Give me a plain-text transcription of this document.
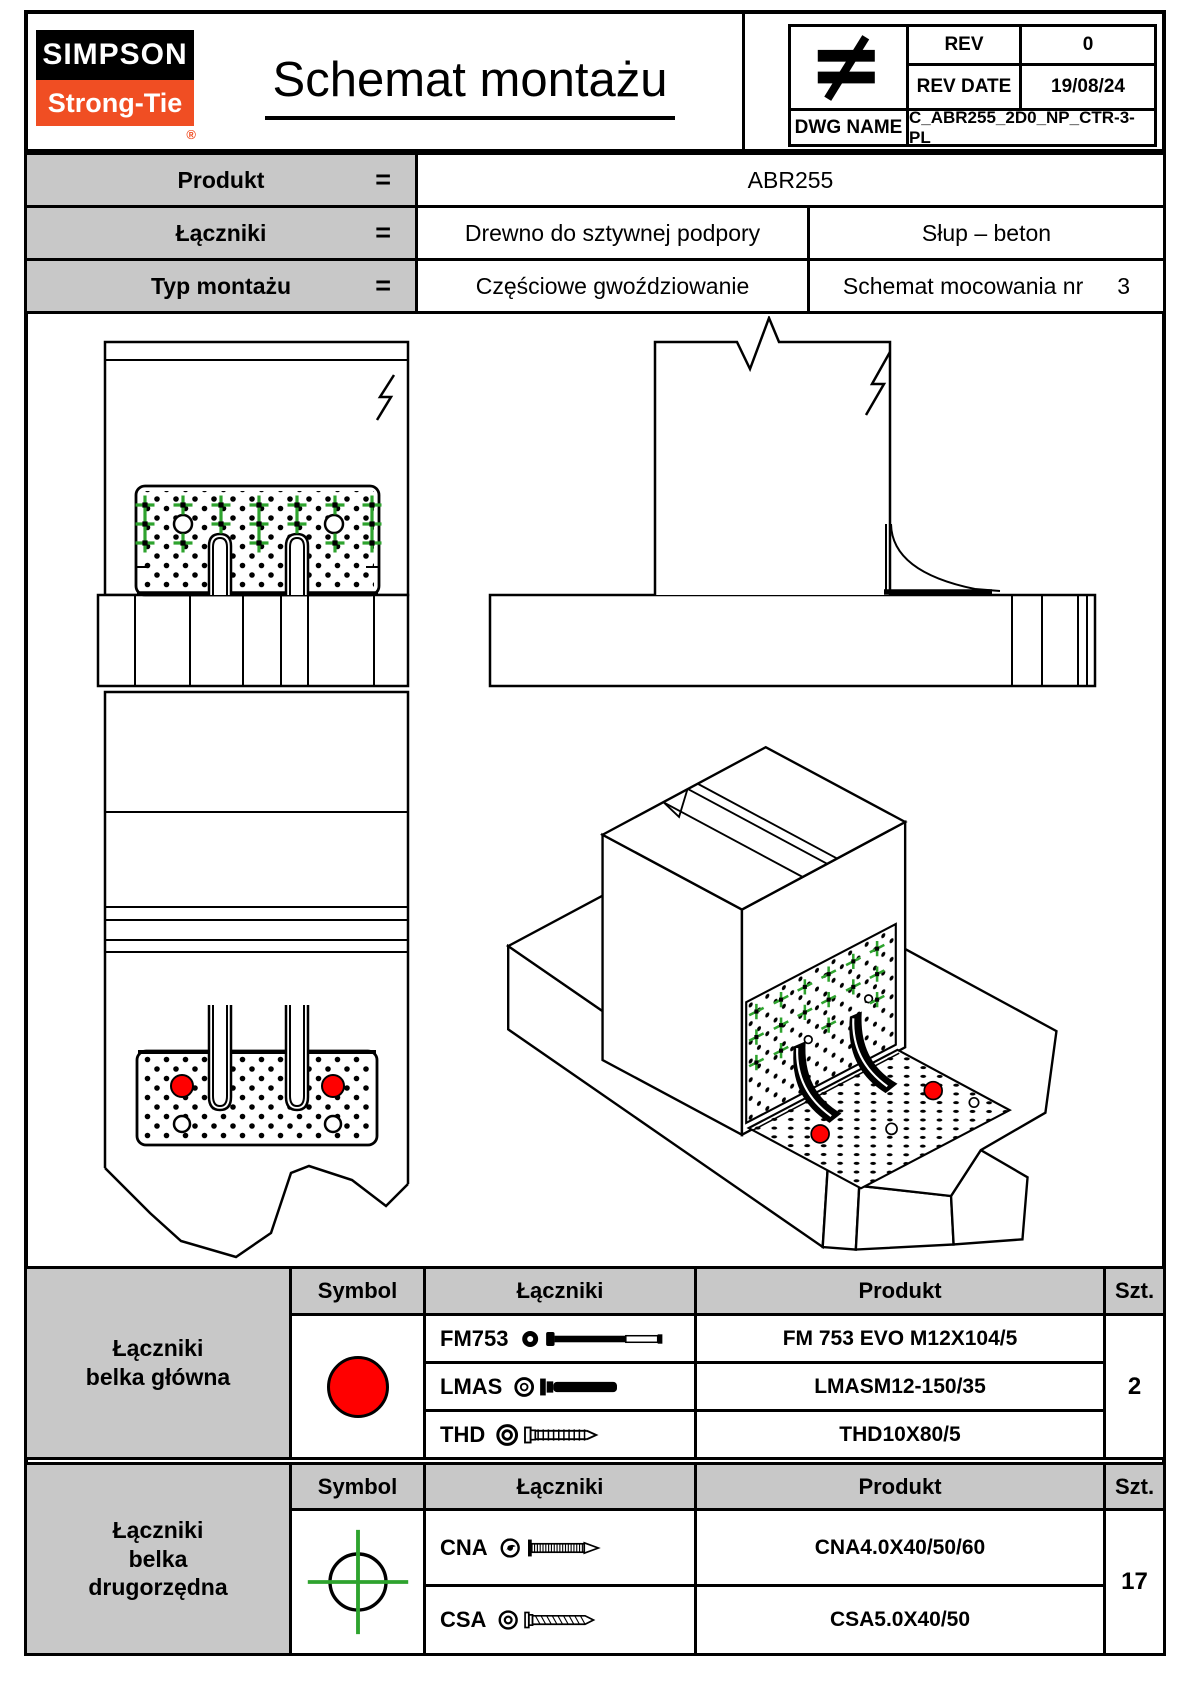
SIMPSON
Strong-Tie
®
Schemat montażu
REV	0
REV DATE	19/08/24
DWG NAME C_ABR255_2D0_NP_CTR-3-PL
Produkt	=	ABR255
Łączniki	=	Drewno do sztywnej podpory	Słup – beton
Typ montażu	=	Częściowe gwoździowanie	Schemat mocowania nr 3
Łączniki
belka główna
Symbol	Łączniki	Produkt	Szt.
FM753	FM 753 EVO M12X104/5
LMAS	LMASM12-150/35
THD	THD10X80/5
2
Łączniki
belka
drugorzędna
Symbol	Łączniki	Produkt	Szt.
CNA	CNA4.0X40/50/60
CSA	CSA5.0X40/50
17
